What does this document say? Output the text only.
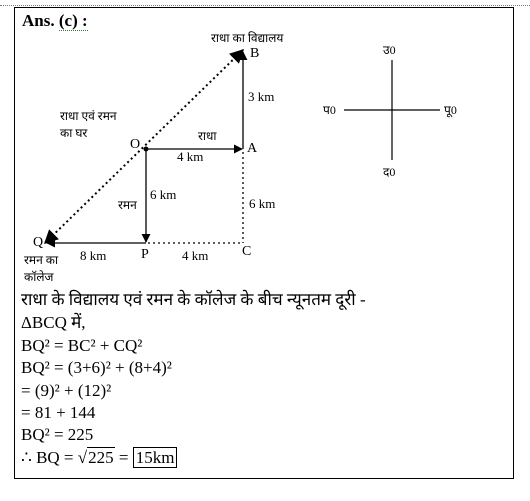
Ans. (c) :
B
A
O
C
P
Q
राधा का विद्यालय
राधा एवं रमन
का घर	राधा
रमन
रमन का
कॉलेज
3 km
4 km
6 km
6 km
8 km	4 km
उ0
द0
प0	पू0
राधा के विद्यालय एवं रमन के कॉलेज के बीच न्यूनतम दूरी -
ΔBCQ में,
BQ² = BC² + CQ²
BQ² = (3+6)² + (8+4)²
= (9)² + (12)²
= 81 + 144
BQ² = 225
∴ BQ = √225 = 15km
